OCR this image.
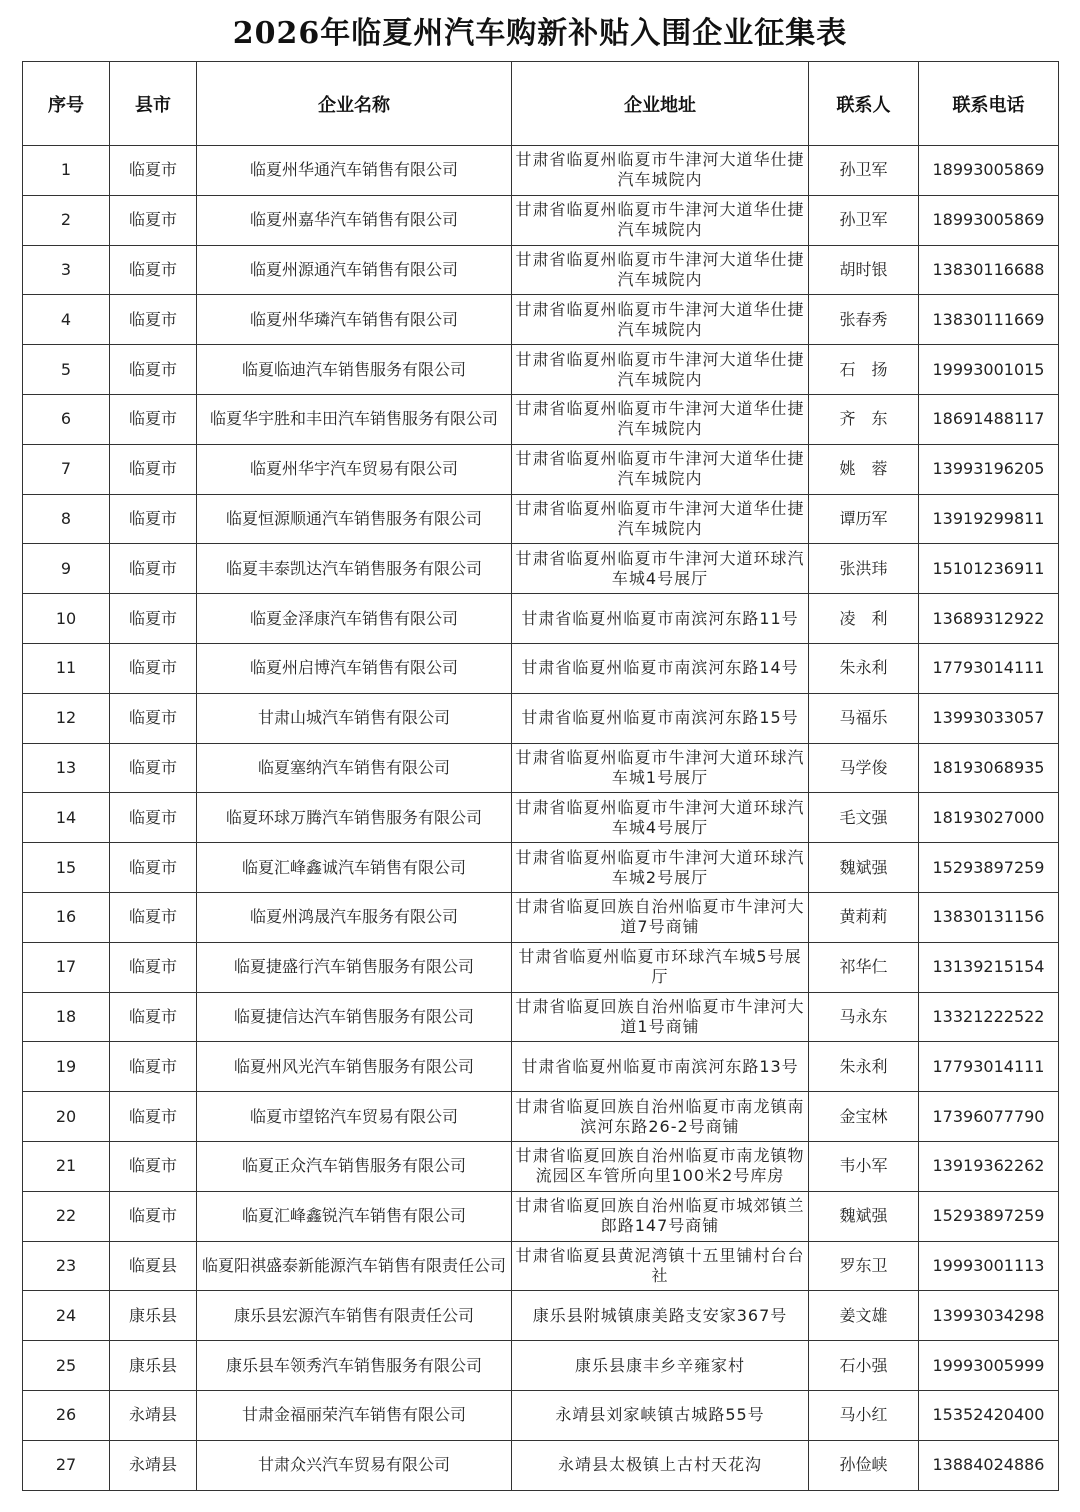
2026年临夏州汽车购新补贴入围企业征集表
序号	县市	企业名称	企业地址	联系人	联系电话
1	临夏市	临夏州华通汽车销售有限公司	甘肃省临夏州临夏市牛津河大道华仕捷汽车城院内	孙卫军	18993005869
2	临夏市	临夏州嘉华汽车销售有限公司	甘肃省临夏州临夏市牛津河大道华仕捷汽车城院内	孙卫军	18993005869
3	临夏市	临夏州源通汽车销售有限公司	甘肃省临夏州临夏市牛津河大道华仕捷汽车城院内	胡时银	13830116688
4	临夏市	临夏州华璘汽车销售有限公司	甘肃省临夏州临夏市牛津河大道华仕捷汽车城院内	张春秀	13830111669
5	临夏市	临夏临迪汽车销售服务有限公司	甘肃省临夏州临夏市牛津河大道华仕捷汽车城院内	石　扬	19993001015
6	临夏市	临夏华宇胜和丰田汽车销售服务有限公司	甘肃省临夏州临夏市牛津河大道华仕捷汽车城院内	齐　东	18691488117
7	临夏市	临夏州华宇汽车贸易有限公司	甘肃省临夏州临夏市牛津河大道华仕捷汽车城院内	姚　蓉	13993196205
8	临夏市	临夏恒源顺通汽车销售服务有限公司	甘肃省临夏州临夏市牛津河大道华仕捷汽车城院内	谭历军	13919299811
9	临夏市	临夏丰泰凯达汽车销售服务有限公司	甘肃省临夏州临夏市牛津河大道环球汽车城4号展厅	张洪玮	15101236911
10	临夏市	临夏金泽康汽车销售有限公司	甘肃省临夏州临夏市南滨河东路11号	凌　利	13689312922
11	临夏市	临夏州启博汽车销售有限公司	甘肃省临夏州临夏市南滨河东路14号	朱永利	17793014111
12	临夏市	甘肃山城汽车销售有限公司	甘肃省临夏州临夏市南滨河东路15号	马福乐	13993033057
13	临夏市	临夏塞纳汽车销售有限公司	甘肃省临夏州临夏市牛津河大道环球汽车城1号展厅	马学俊	18193068935
14	临夏市	临夏环球万腾汽车销售服务有限公司	甘肃省临夏州临夏市牛津河大道环球汽车城4号展厅	毛文强	18193027000
15	临夏市	临夏汇峰鑫诚汽车销售有限公司	甘肃省临夏州临夏市牛津河大道环球汽车城2号展厅	魏斌强	15293897259
16	临夏市	临夏州鸿晟汽车服务有限公司	甘肃省临夏回族自治州临夏市牛津河大道7号商铺	黄莉莉	13830131156
17	临夏市	临夏捷盛行汽车销售服务有限公司	甘肃省临夏州临夏市环球汽车城5号展厅	祁华仁	13139215154
18	临夏市	临夏捷信达汽车销售服务有限公司	甘肃省临夏回族自治州临夏市牛津河大道1号商铺	马永东	13321222522
19	临夏市	临夏州风光汽车销售服务有限公司	甘肃省临夏州临夏市南滨河东路13号	朱永利	17793014111
20	临夏市	临夏市望铭汽车贸易有限公司	甘肃省临夏回族自治州临夏市南龙镇南滨河东路26-2号商铺	金宝林	17396077790
21	临夏市	临夏正众汽车销售服务有限公司	甘肃省临夏回族自治州临夏市南龙镇物流园区车管所向里100米2号库房	韦小军	13919362262
22	临夏市	临夏汇峰鑫锐汽车销售有限公司	甘肃省临夏回族自治州临夏市城郊镇兰郎路147号商铺	魏斌强	15293897259
23	临夏县	临夏阳祺盛泰新能源汽车销售有限责任公司	甘肃省临夏县黄泥湾镇十五里铺村台台社	罗东卫	19993001113
24	康乐县	康乐县宏源汽车销售有限责任公司	康乐县附城镇康美路支安家367号	姜文雄	13993034298
25	康乐县	康乐县车领秀汽车销售服务有限公司	康乐县康丰乡辛雍家村	石小强	19993005999
26	永靖县	甘肃金福丽荣汽车销售有限公司	永靖县刘家峡镇古城路55号	马小红	15352420400
27	永靖县	甘肃众兴汽车贸易有限公司	永靖县太极镇上古村天花沟	孙俭峡	13884024886
